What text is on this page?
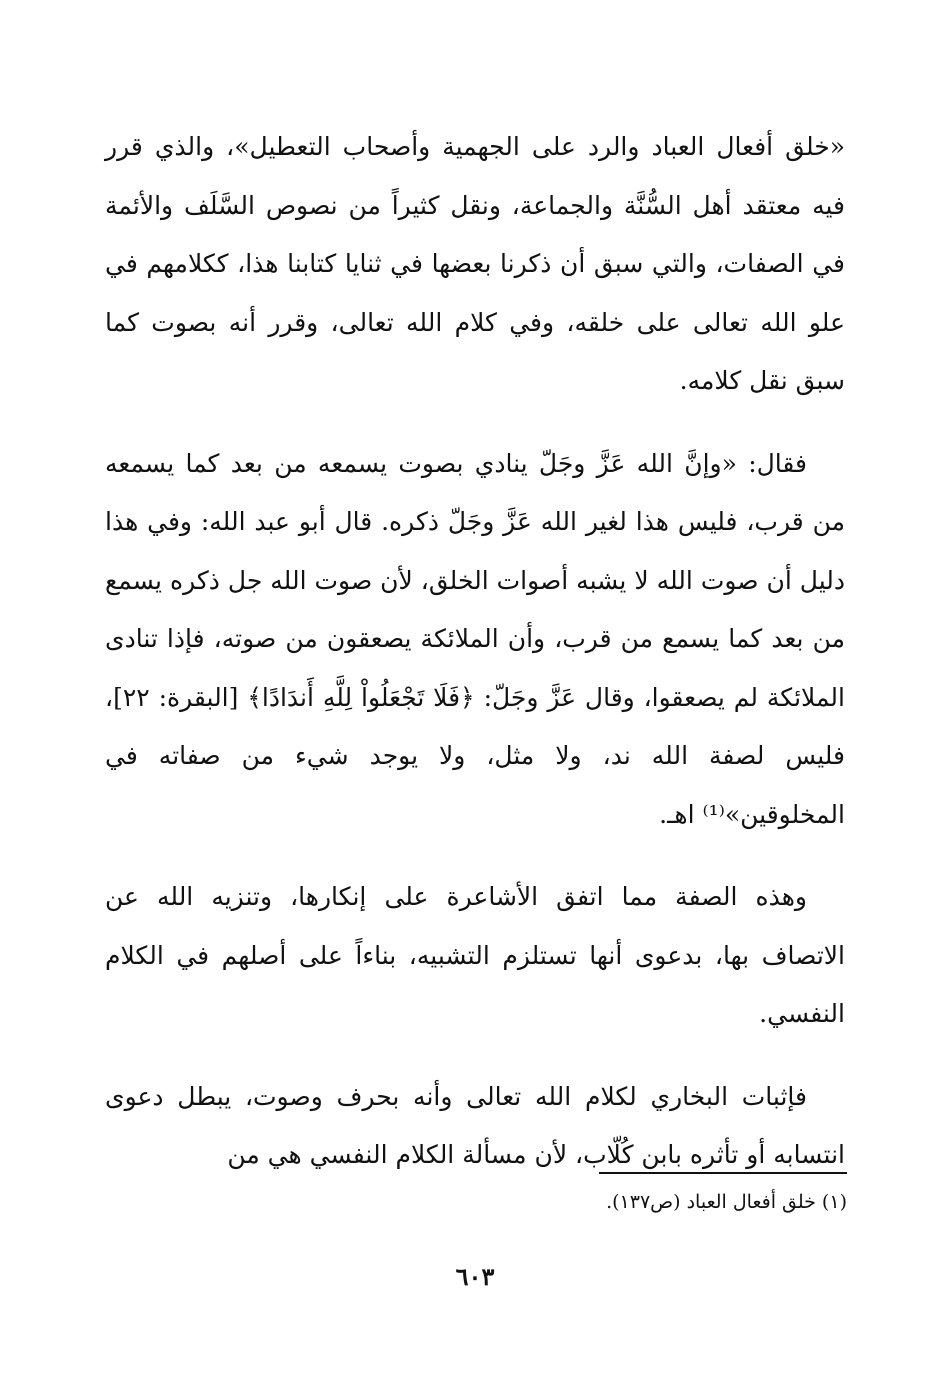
«خلق أفعال العباد والرد على الجهمية وأصحاب التعطيل»، والذي قرر فيه معتقد أهل السُّنَّة والجماعة، ونقل كثيراً من نصوص السَّلَف والأئمة في الصفات، والتي سبق أن ذكرنا بعضها في ثنايا كتابنا هذا، ككلامهم في علو الله تعالى على خلقه، وفي كلام الله تعالى، وقرر أنه بصوت كما سبق نقل كلامه.

فقال: «وإنَّ الله عَزَّ وجَلّ ينادي بصوت يسمعه من بعد كما يسمعه من قرب، فليس هذا لغير الله عَزَّ وجَلّ ذكره. قال أبو عبد الله: وفي هذا دليل أن صوت الله لا يشبه أصوات الخلق، لأن صوت الله جل ذكره يسمع من بعد كما يسمع من قرب، وأن الملائكة يصعقون من صوته، فإذا تنادى الملائكة لم يصعقوا، وقال عَزَّ وجَلّ: ﴿فَلَا تَجْعَلُواْ لِلَّهِ أَندَادًا﴾ [البقرة: ٢٢]، فليس لصفة الله ند، ولا مثل، ولا يوجد شيء من صفاته في المخلوقين»⁽¹⁾ اهـ.

وهذه الصفة مما اتفق الأشاعرة على إنكارها، وتنزيه الله عن الاتصاف بها، بدعوى أنها تستلزم التشبيه، بناءاً على أصلهم في الكلام النفسي.

فإثبات البخاري لكلام الله تعالى وأنه بحرف وصوت، يبطل دعوى انتسابه أو تأثره بابن كُلّاب، لأن مسألة الكلام النفسي هي من

(١) خلق أفعال العباد (ص١٣٧).
٦٠٣
